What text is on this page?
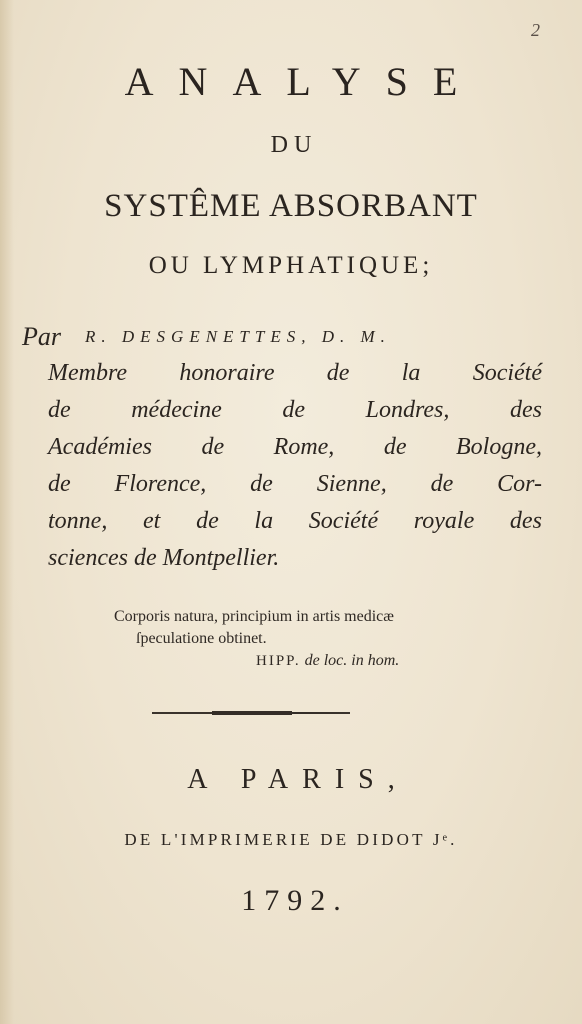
2
ANALYSE
DU
SYSTÊME ABSORBANT
OU LYMPHATIQUE;
Par R. DESGENETTES, D. M.
Membre honoraire de la Société
de	médecine	de	Londres,	des
Académies de Rome, de Bologne,
de Florence, de Sienne, de Cor-
tonne, et de la Société royale des
sciences de Montpellier.
Corporis natura, principium in artis medicæ
ſpeculatione obtinet.
HIPP. de loc. in hom.
A PARIS,
DE L'IMPRIMERIE DE DIDOT Jᵉ.
1792.
